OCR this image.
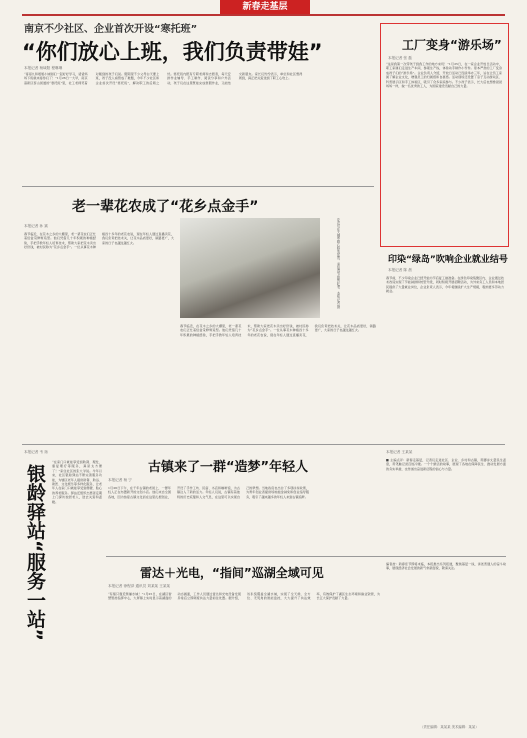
新春走基层
南京不少社区、企业首次开设“寒托班”
“你们放心上班，我们负责带娃”
本报记者 杨域阳 程琳琳
“哥哥九和姐姐小妹刚们一起好好学习，爸爸妈妈下班就来接你们了！”1月26日一大早，南京高新区泰山街道的“寒托班”里，社工老师笑着对刚到的孩子们说。假期里不少父母白天要上班，孩子没人看管成了难题，今年不少社区和企业首次开设“寒托班”，解决职工的后顾之忧。寒托班内配有专职老师和志愿者，每天安排作业辅导、手工制作、阅读分享和户外活动，孩子们在这里既能完成寒假作业，又能结交新朋友。家长们纷纷表示，单位和社区想得周到，真正把关爱送到了职工心坎上。
工厂变身“游乐场”
本报记者 张 磊
“这是我第一次带孩子到我工作的地方来玩！”1月25日，在一家企业开放日活动中，职工家属们走进生产车间，参观生产线，体验动手制作小零件。原本严肃的工厂变身成孩子们的“游乐场”。企业负责人介绍，开放日活动已连续举办三年，旨在让员工家属了解企业文化，增强员工的归属感和自豪感。活动现场还设置了亲子互动游戏区、科普展示区和手工体验区，吸引了众多家庭参与。不少孩子表示，长大后也想像爸爸妈妈一样，做一名优秀的工人，为国家建设贡献自己的力量。
老一辈花农成了“花乡点金手”
本报记者 孙 斌
春节临近，在花木之乡的大棚里，老一辈花农们正忙着给盆景修剪造型。他们凭借几十年积累的种植经验，手把手教年轻人培育技术，帮助大家把花木卖出好价钱，被村民称为“花乡点金手”。一位从事花木种植四十多年的老花农说，现在年轻人通过直播卖花，我们负责把技术关，让花木品质更好，销路更广，大家的日子也越过越红火。	花农们在大棚中精心修剪盆景，迎接春节销售旺季。本报记者 摄
春节临近，在花木之乡的大棚里，老一辈花农们正忙着给盆景修剪造型。他们凭借几十年积累的种植经验，手把手教年轻人培育技术，帮助大家把花木卖出好价钱，被村民称为“花乡点金手”。一位从事花木种植四十多年的老花农说，现在年轻人通过直播卖花，我们负责把技术关，让花木品质更好，销路更广，大家的日子也越过越红火。
印染“绿岛”吹响企业就业结号
本报记者 陈 晨
春节前，不少印染企业已经开始为节后复工做准备。在绿色印染集聚区内，企业通过技术改造实现了节能减排和转型升级，同时积极开展招聘活动，为外来务工人员和本地居民提供了大量就业岗位，企业负责人表示，今年将继续扩大生产规模，吸纳更多劳动力就业。
本报记者 韦 扬
银龄驿站“服务一站”
“在家门口就能享受到助餐、理发、康复理疗等服务，真是太方便了！”家住社区的张大爷说。今年以来，社区银龄驿站不断完善服务功能，为辖区老年人提供助餐、助浴、助医、文化娱乐等多样化服务，让老年人在家门口就能享受到便捷、贴心的养老服务。驿站还组织志愿者定期上门探访独居老人，送去关爱和温暖。
古镇来了一群“造梦”年轻人
本报记者 杨 宁
1月26日下午，在千年古镇的老街上，一群年轻人正在布置新开的文创小店。他们来自全国各地，因为热爱古镇文化而在这里扎根创业，开设了手作工坊、民宿、书店和咖啡馆，为古镇注入了新的活力。年轻人们说，古镇有着独特的历史底蕴和人文气息，在这里可以实现自己的梦想。当地政府也出台了多项扶持政策，为青年创业者提供场地租金减免和创业指导服务，吸引了越来越多的年轻人来到古镇追梦。
本报记者 王某某
■ 主编点评：新春走基层，记者们走进社区、企业、乡村和古镇，用脚步丈量民生温度，用笔触记录百姓冷暖。一个个鲜活的故事，展现了各地在保障民生、推动发展方面的务实举措，也传递出奋进新征程的信心与力量。
雷达＋光电，“指间”巡湖全域可见
本报记者 徐程泽 通讯员 刘某某 王某某
“有船只靠近禁捕水域！”1月25日，在湖区智慧管控指挥中心，大屏幕上实时显示着湖面的动态画面，工作人员通过雷达和光电设备发现异常后立即调度执法力量前往处置。据介绍，该系统覆盖全湖水域，实现了全天候、全方位、无死角的智能监控，大大提升了执法效率，有效保护了湖区生态环境和渔业资源，为长江大保护贡献了力量。
编者按：新春佳节即将来临，本报推出系列报道，聚焦基层一线，讲述普通人的奋斗故事，展现经济社会发展的新气象新面貌，敬请关注。
（责任编辑：某某某 美术编辑：某某）
